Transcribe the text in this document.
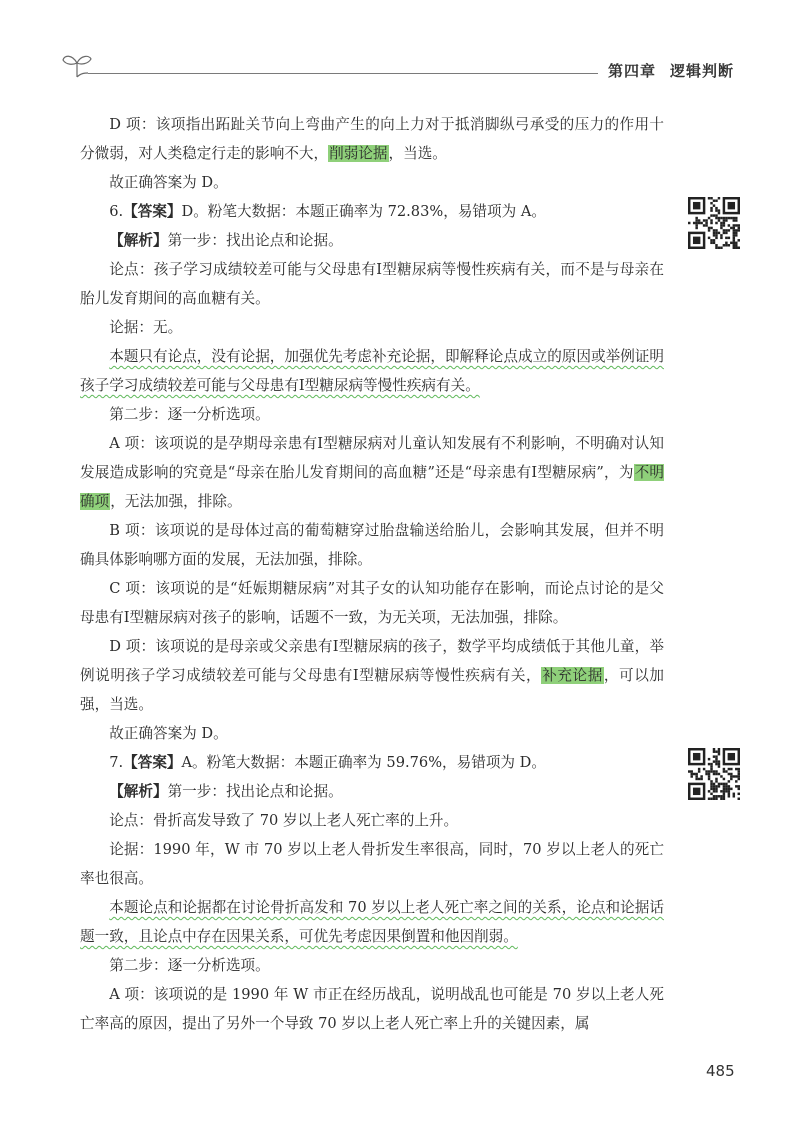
第四章 逻辑判断

D 项：该项指出跖趾关节向上弯曲产生的向上力对于抵消脚纵弓承受的压力的作用十分微弱，对人类稳定行走的影响不大，削弱论据，当选。

故正确答案为 D。

6.【答案】D。粉笔大数据：本题正确率为 72.83%，易错项为 A。

【解析】第一步：找出论点和论据。

论点：孩子学习成绩较差可能与父母患有Ⅰ型糖尿病等慢性疾病有关，而不是与母亲在胎儿发育期间的高血糖有关。

论据：无。

本题只有论点，没有论据，加强优先考虑补充论据，即解释论点成立的原因或举例证明孩子学习成绩较差可能与父母患有Ⅰ型糖尿病等慢性疾病有关。

第二步：逐一分析选项。

A 项：该项说的是孕期母亲患有Ⅰ型糖尿病对儿童认知发展有不利影响，不明确对认知发展造成影响的究竟是“母亲在胎儿发育期间的高血糖”还是“母亲患有Ⅰ型糖尿病”，为不明确项，无法加强，排除。

B 项：该项说的是母体过高的葡萄糖穿过胎盘输送给胎儿，会影响其发展，但并不明确具体影响哪方面的发展，无法加强，排除。

C 项：该项说的是“妊娠期糖尿病”对其子女的认知功能存在影响，而论点讨论的是父母患有Ⅰ型糖尿病对孩子的影响，话题不一致，为无关项，无法加强，排除。

D 项：该项说的是母亲或父亲患有Ⅰ型糖尿病的孩子，数学平均成绩低于其他儿童，举例说明孩子学习成绩较差可能与父母患有Ⅰ型糖尿病等慢性疾病有关，补充论据，可以加强，当选。

故正确答案为 D。

7.【答案】A。粉笔大数据：本题正确率为 59.76%，易错项为 D。

【解析】第一步：找出论点和论据。

论点：骨折高发导致了 70 岁以上老人死亡率的上升。

论据：1990 年，W 市 70 岁以上老人骨折发生率很高，同时，70 岁以上老人的死亡率也很高。

本题论点和论据都在讨论骨折高发和 70 岁以上老人死亡率之间的关系，论点和论据话题一致，且论点中存在因果关系，可优先考虑因果倒置和他因削弱。

第二步：逐一分析选项。

A 项：该项说的是 1990 年 W 市正在经历战乱，说明战乱也可能是 70 岁以上老人死亡率高的原因，提出了另外一个导致 70 岁以上老人死亡率上升的关键因素，属

485
